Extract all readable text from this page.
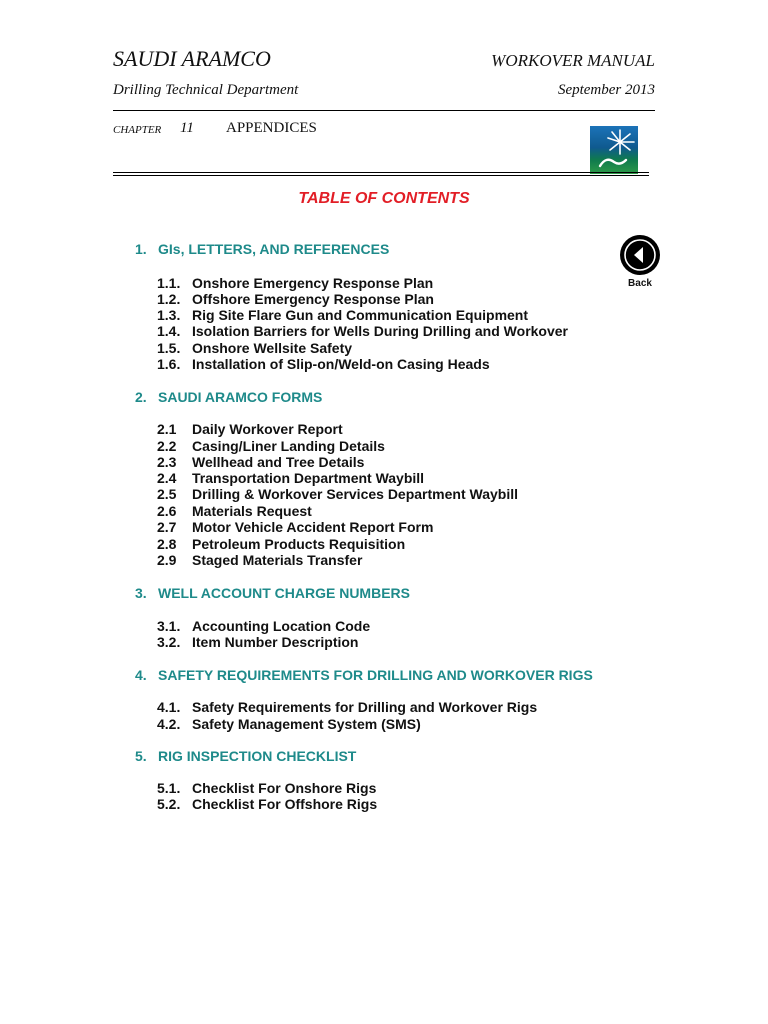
SAUDI ARAMCO	WORKOVER MANUAL
Drilling Technical Department	September 2013
CHAPTER 11 APPENDICES
TABLE OF CONTENTS
Back
1. GIs, LETTERS, AND REFERENCES
1.1. Onshore Emergency Response Plan
1.2. Offshore Emergency Response Plan
1.3. Rig Site Flare Gun and Communication Equipment
1.4. Isolation Barriers for Wells During Drilling and Workover
1.5. Onshore Wellsite Safety
1.6. Installation of Slip-on/Weld-on Casing Heads
2. SAUDI ARAMCO FORMS
2.1 Daily Workover Report
2.2 Casing/Liner Landing Details
2.3 Wellhead and Tree Details
2.4 Transportation Department Waybill
2.5 Drilling & Workover Services Department Waybill
2.6 Materials Request
2.7 Motor Vehicle Accident Report Form
2.8 Petroleum Products Requisition
2.9 Staged Materials Transfer
3. WELL ACCOUNT CHARGE NUMBERS
3.1. Accounting Location Code
3.2. Item Number Description
4. SAFETY REQUIREMENTS FOR DRILLING AND WORKOVER RIGS
4.1. Safety Requirements for Drilling and Workover Rigs
4.2. Safety Management System (SMS)
5. RIG INSPECTION CHECKLIST
5.1. Checklist For Onshore Rigs
5.2. Checklist For Offshore Rigs
